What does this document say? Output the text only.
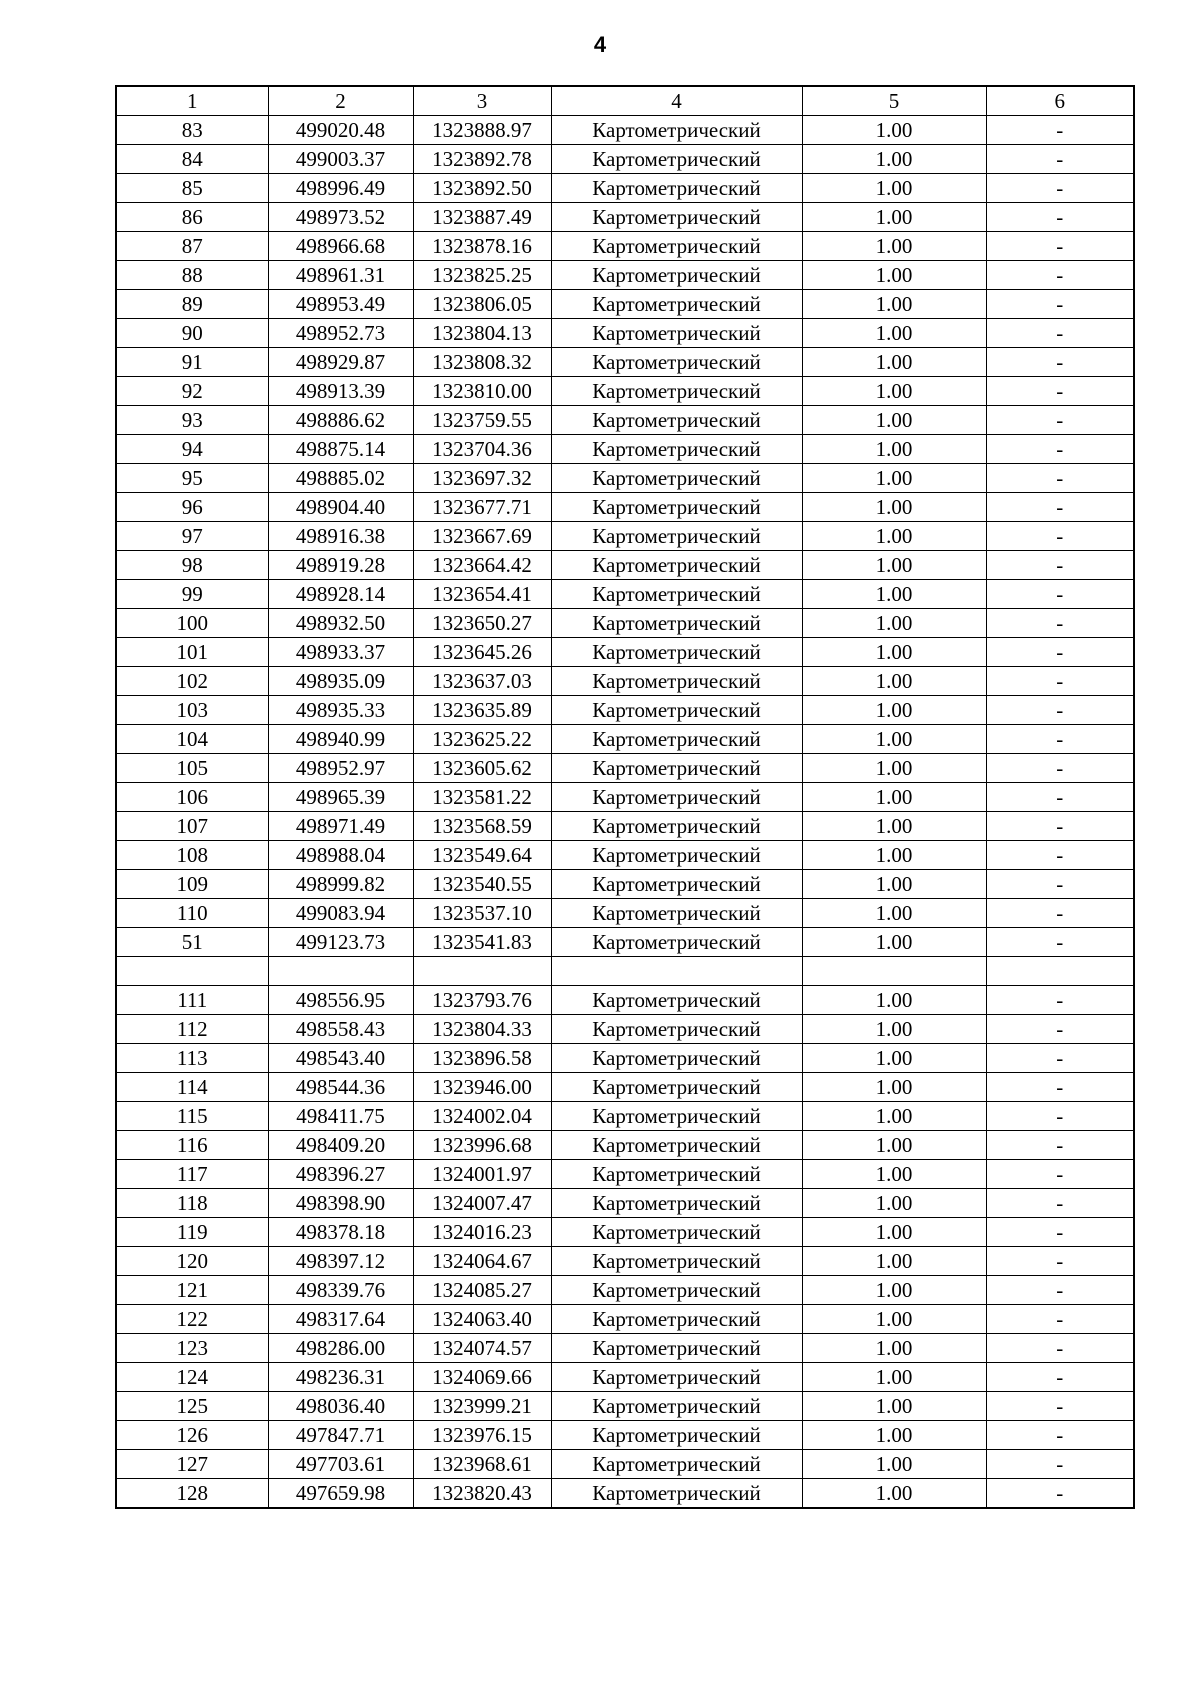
4
1	2	3	4	5	6
83	499020.48	1323888.97	Картометрический	1.00	-
84	499003.37	1323892.78	Картометрический	1.00	-
85	498996.49	1323892.50	Картометрический	1.00	-
86	498973.52	1323887.49	Картометрический	1.00	-
87	498966.68	1323878.16	Картометрический	1.00	-
88	498961.31	1323825.25	Картометрический	1.00	-
89	498953.49	1323806.05	Картометрический	1.00	-
90	498952.73	1323804.13	Картометрический	1.00	-
91	498929.87	1323808.32	Картометрический	1.00	-
92	498913.39	1323810.00	Картометрический	1.00	-
93	498886.62	1323759.55	Картометрический	1.00	-
94	498875.14	1323704.36	Картометрический	1.00	-
95	498885.02	1323697.32	Картометрический	1.00	-
96	498904.40	1323677.71	Картометрический	1.00	-
97	498916.38	1323667.69	Картометрический	1.00	-
98	498919.28	1323664.42	Картометрический	1.00	-
99	498928.14	1323654.41	Картометрический	1.00	-
100	498932.50	1323650.27	Картометрический	1.00	-
101	498933.37	1323645.26	Картометрический	1.00	-
102	498935.09	1323637.03	Картометрический	1.00	-
103	498935.33	1323635.89	Картометрический	1.00	-
104	498940.99	1323625.22	Картометрический	1.00	-
105	498952.97	1323605.62	Картометрический	1.00	-
106	498965.39	1323581.22	Картометрический	1.00	-
107	498971.49	1323568.59	Картометрический	1.00	-
108	498988.04	1323549.64	Картометрический	1.00	-
109	498999.82	1323540.55	Картометрический	1.00	-
110	499083.94	1323537.10	Картометрический	1.00	-
51	499123.73	1323541.83	Картометрический	1.00	-

111	498556.95	1323793.76	Картометрический	1.00	-
112	498558.43	1323804.33	Картометрический	1.00	-
113	498543.40	1323896.58	Картометрический	1.00	-
114	498544.36	1323946.00	Картометрический	1.00	-
115	498411.75	1324002.04	Картометрический	1.00	-
116	498409.20	1323996.68	Картометрический	1.00	-
117	498396.27	1324001.97	Картометрический	1.00	-
118	498398.90	1324007.47	Картометрический	1.00	-
119	498378.18	1324016.23	Картометрический	1.00	-
120	498397.12	1324064.67	Картометрический	1.00	-
121	498339.76	1324085.27	Картометрический	1.00	-
122	498317.64	1324063.40	Картометрический	1.00	-
123	498286.00	1324074.57	Картометрический	1.00	-
124	498236.31	1324069.66	Картометрический	1.00	-
125	498036.40	1323999.21	Картометрический	1.00	-
126	497847.71	1323976.15	Картометрический	1.00	-
127	497703.61	1323968.61	Картометрический	1.00	-
128	497659.98	1323820.43	Картометрический	1.00	-
